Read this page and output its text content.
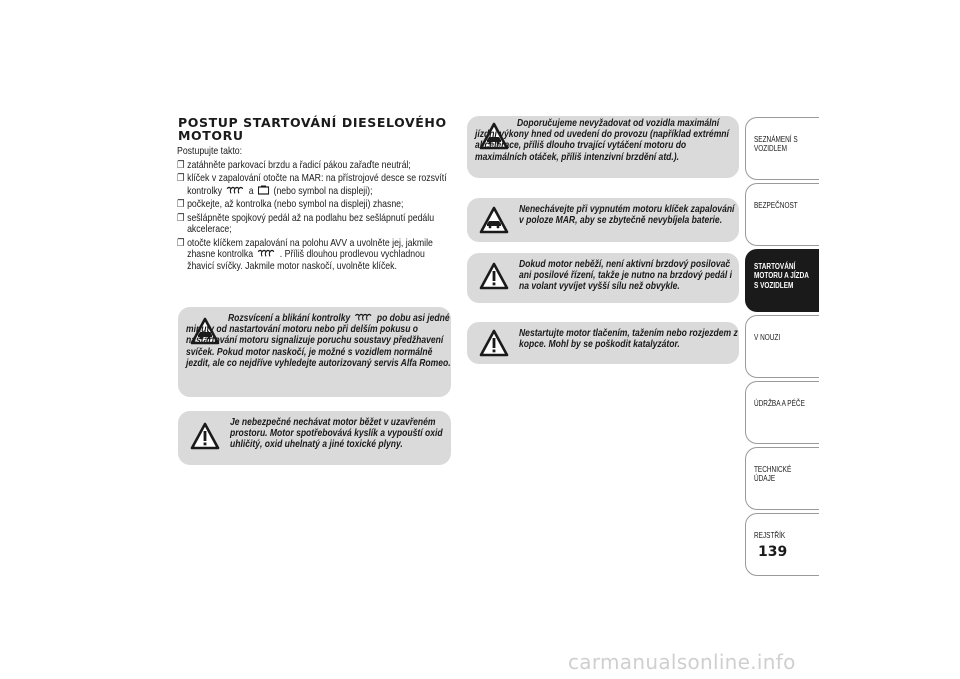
POSTUP STARTOVÁNÍ DIESELOVÉHO MOTORU

Postupujte takto:

❐ zatáhněte parkovací brzdu a řadicí pákou zařaďte neutrál;
❐ klíček v zapalování otočte na MAR: na přístrojové desce se rozsvítí kontrolky	a (nebo symbol na displeji);
❐ počkejte, až kontrolka (nebo symbol na displeji) zhasne;
❐ sešlápněte spojkový pedál až na podlahu bez sešlápnutí pedálu akcelerace;
❐ otočte klíčkem zapalování na polohu AVV a uvolněte jej, jakmile zhasne kontrolka	. Příliš dlouhou prodlevou vychladnou žhavicí svíčky. Jakmile motor naskočí, uvolněte klíček.
Rozsvícení a blikání kontrolky	po dobu asi jedné minuty od nastartování motoru nebo při delším pokusu o nastartování motoru signalizuje poruchu soustavy předžhavení svíček. Pokud motor naskočí, je možné s vozidlem normálně jezdit, ale co nejdříve vyhledejte autorizovaný servis Alfa Romeo.
Je nebezpečné nechávat motor běžet v uzavřeném prostoru. Motor spotřebovává kyslík a vypouští oxid uhličitý, oxid uhelnatý a jiné toxické plyny.
Doporučujeme nevyžadovat od vozidla maximální jízdní výkony hned od uvedení do provozu (například extrémní akcelerace, příliš dlouho trvající vytáčení motoru do maximálních otáček, příliš intenzivní brzdění atd.).
Nenechávejte při vypnutém motoru klíček zapalování v poloze MAR, aby se zbytečně nevybíjela baterie.
Dokud motor neběží, není aktivní brzdový posilovač ani posilové řízení, takže je nutno na brzdový pedál i na volant vyvíjet vyšší sílu než obvykle.
Nestartujte motor tlačením, tažením nebo rozjezdem z kopce. Mohl by se poškodit katalyzátor.
SEZNÁMENÍ S VOZIDLEM
BEZPEČNOST
STARTOVÁNÍ MOTORU A JÍZDA S VOZIDLEM
V NOUZI
ÚDRŽBA A PÉČE
TECHNICKÉ ÚDAJE
REJSTŘÍK
139
carmanualsonline.info
